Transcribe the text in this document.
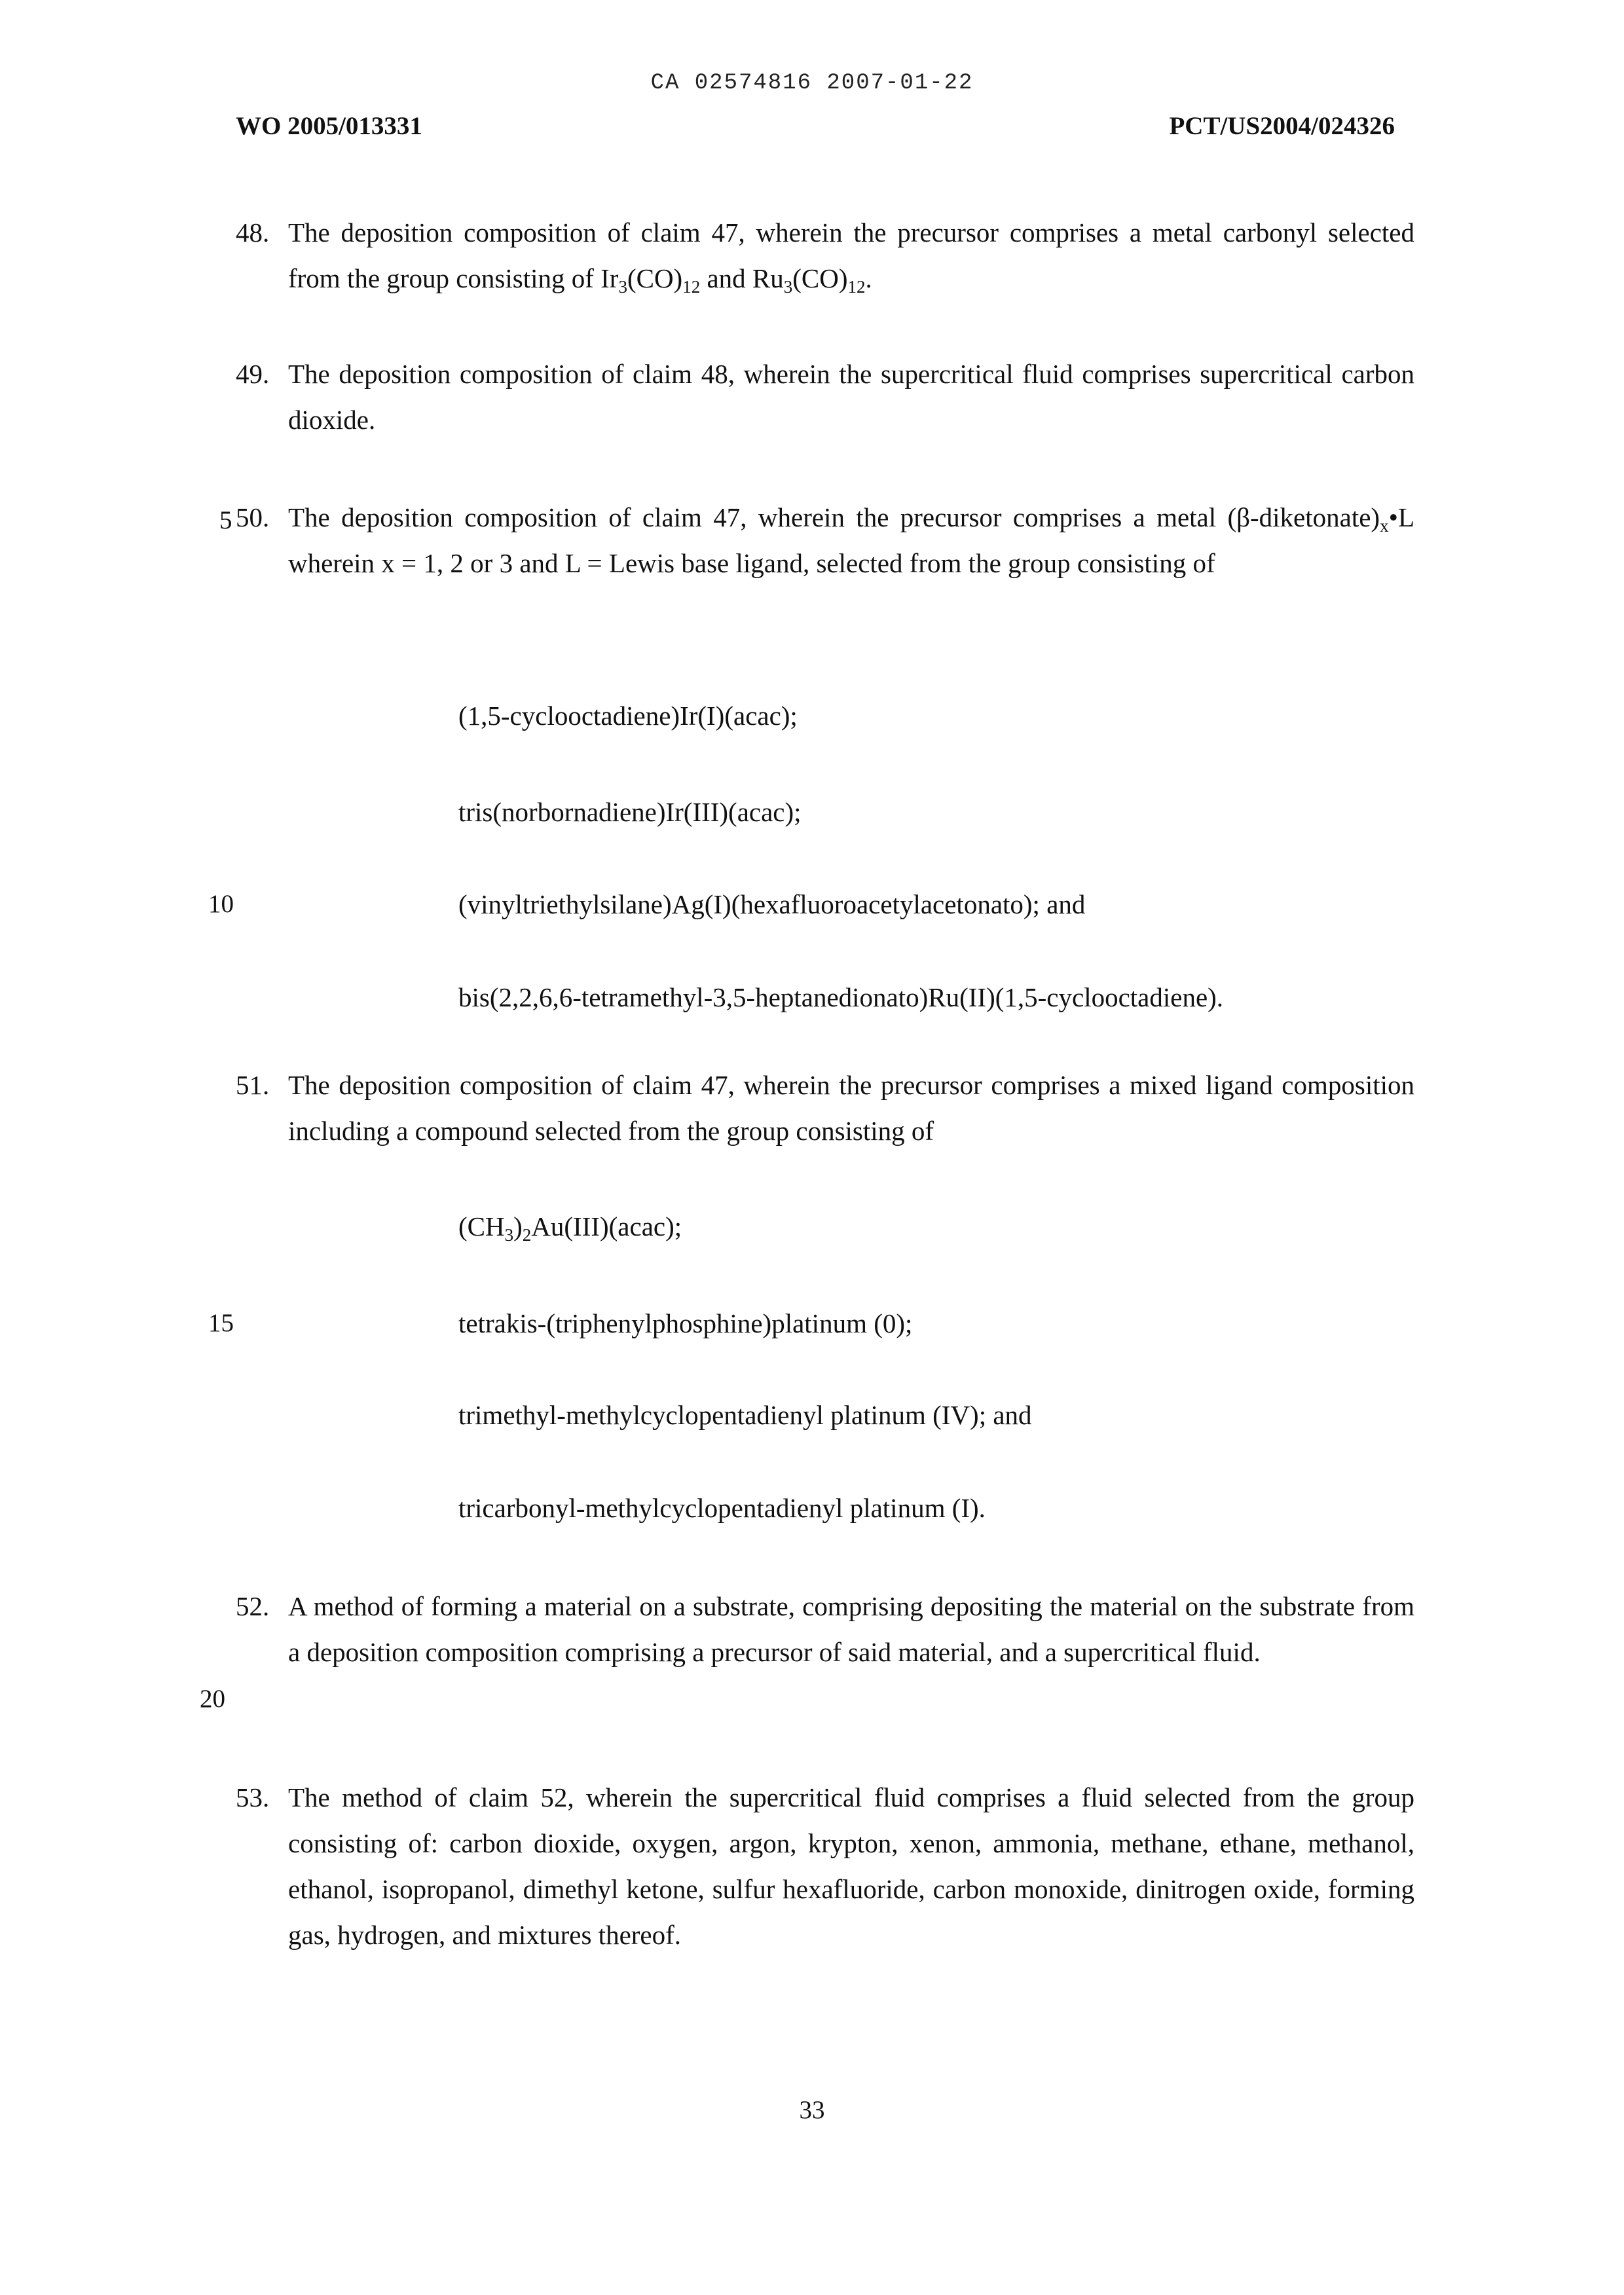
CA 02574816 2007-01-22
WO 2005/013331	PCT/US2004/024326
48. The deposition composition of claim 47, wherein the precursor comprises a metal carbonyl selected from the group consisting of $Ir_3(CO)_{12}$ and $Ru_3(CO)_{12}$.
49. The deposition composition of claim 48, wherein the supercritical fluid comprises supercritical carbon dioxide.
5 50. The deposition composition of claim 47, wherein the precursor comprises a metal $(\beta-diketonate)_x•L$ wherein x = 1, 2 or 3 and L = Lewis base ligand, selected from the group consisting of
(1,5-cyclooctadiene)Ir(I)(acac);
tris(norbornadiene)Ir(III)(acac);
10	(vinyltriethylsilane)Ag(I)(hexafluoroacetylacetonato); and
bis(2,2,6,6-tetramethyl-3,5-heptanedionato)Ru(II)(1,5-cyclooctadiene).
51. The deposition composition of claim 47, wherein the precursor comprises a mixed ligand composition including a compound selected from the group consisting of
$(CH_3)_2Au(III)(acac)$;
15	tetrakis-(triphenylphosphine)platinum (0);
trimethyl-methylcyclopentadienyl platinum (IV); and
tricarbonyl-methylcyclopentadienyl platinum (I).
52. A method of forming a material on a substrate, comprising depositing the material on the substrate from a deposition composition comprising a precursor of said material, and a supercritical fluid.
20
53. The method of claim 52, wherein the supercritical fluid comprises a fluid selected from the group consisting of: carbon dioxide, oxygen, argon, krypton, xenon, ammonia, methane, ethane, methanol, ethanol, isopropanol, dimethyl ketone, sulfur hexafluoride, carbon monoxide, dinitrogen oxide, forming gas, hydrogen, and mixtures thereof.
33
